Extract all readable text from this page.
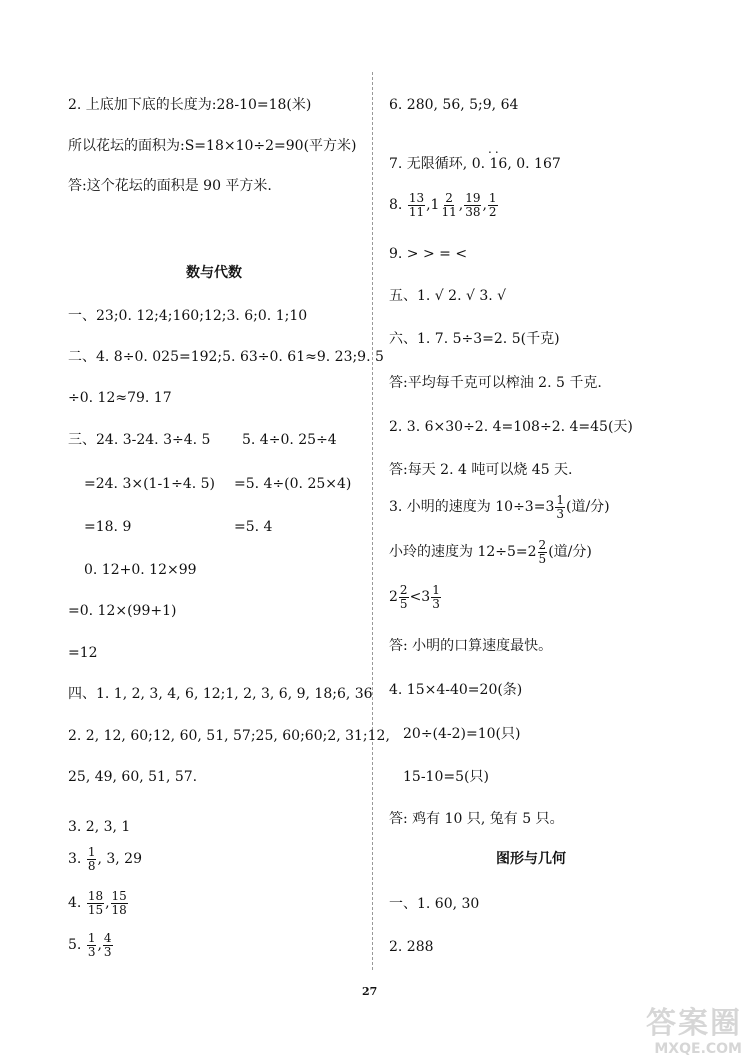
2. 上底加下底的长度为:28-10=18(米)
所以花坛的面积为:S=18×10÷2=90(平方米)
答:这个花坛的面积是 90 平方米.
数与代数
一、23;0. 12;4;160;12;3. 6;0. 1;10
二、4. 8÷0. 025=192;5. 63÷0. 61≈9. 23;9. 5
÷0. 12≈79. 17
三、24. 3-24. 3÷4. 5 5. 4÷0. 25÷4
=24. 3×(1-1÷4. 5) =5. 4÷(0. 25×4)
=18. 9	=5. 4
0. 12+0. 12×99
=0. 12×(99+1)
=12
四、1. 1, 2, 3, 4, 6, 12;1, 2, 3, 6, 9, 18;6, 36
2. 2, 12, 60;12, 60, 51, 57;25, 60;60;2, 31;12,
25, 49, 60, 51, 57.
3. 2, 3, 1
3. $\frac{1}{8}$ , 3, 29
4. $\frac{18}{15}$ , $\frac{15}{18}$
5. $\frac{1}{3}$ , $\frac{4}{3}$
6. 280, 56, 5;9, 64
..
7. 无限循环, 0. 16, 0. 167
8. $\frac{13}{11} ,1 \frac{2}{11}$ , $\frac{19}{38}$ , $\frac{1}{2}$
9. > > = <
五、1. √ 2. √ 3. √
六、1. 7. 5÷3=2. 5(千克)
答:平均每千克可以榨油 2. 5 千克.
2. 3. 6×30÷2. 4=108÷2. 4=45(天)
答:每天 2. 4 吨可以烧 45 天.
3. 小明的速度为 $10\div 3=3 \frac{1}{3}$ (道/分)
小玲的速度为 $12\div 5=2 \frac{2}{5}$ (道/分)
$2 \frac{2}{5} <3 \frac{1}{3}$
答: 小明的口算速度最快。
4. 15×4-40=20(条)
20÷(4-2)=10(只)
15-10=5(只)
答: 鸡有 10 只, 兔有 5 只。
图形与几何
一、1. 60, 30
2. 288
27
答案圈
MXQE.COM
